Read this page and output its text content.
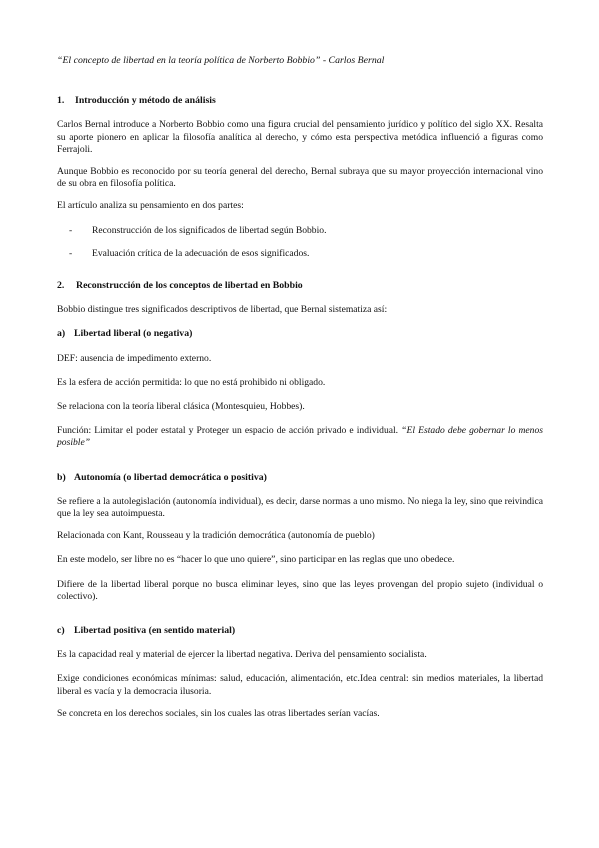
“El concepto de libertad en la teoría política de Norberto Bobbio” - Carlos Bernal
1. Introducción y método de análisis
Carlos Bernal introduce a Norberto Bobbio como una figura crucial del pensamiento jurídico y político del siglo XX. Resalta su aporte pionero en aplicar la filosofía analítica al derecho, y cómo esta perspectiva metódica influenció a figuras como Ferrajoli.
Aunque Bobbio es reconocido por su teoría general del derecho, Bernal subraya que su mayor proyección internacional vino de su obra en filosofía política.
El artículo analiza su pensamiento en dos partes:
- Reconstrucción de los significados de libertad según Bobbio.
- Evaluación crítica de la adecuación de esos significados.
2. Reconstrucción de los conceptos de libertad en Bobbio
Bobbio distingue tres significados descriptivos de libertad, que Bernal sistematiza así:
a) Libertad liberal (o negativa)
DEF: ausencia de impedimento externo.
Es la esfera de acción permitida: lo que no está prohibido ni obligado.
Se relaciona con la teoría liberal clásica (Montesquieu, Hobbes).
Función: Limitar el poder estatal y Proteger un espacio de acción privado e individual. “El Estado debe gobernar lo menos posible”
b) Autonomía (o libertad democrática o positiva)
Se refiere a la autolegislación (autonomía individual), es decir, darse normas a uno mismo. No niega la ley, sino que reivindica que la ley sea autoimpuesta.
Relacionada con Kant, Rousseau y la tradición democrática (autonomía de pueblo)
En este modelo, ser libre no es “hacer lo que uno quiere”, sino participar en las reglas que uno obedece.
Difiere de la libertad liberal porque no busca eliminar leyes, sino que las leyes provengan del propio sujeto (individual o colectivo).
c) Libertad positiva (en sentido material)
Es la capacidad real y material de ejercer la libertad negativa. Deriva del pensamiento socialista.
Exige condiciones económicas mínimas: salud, educación, alimentación, etc.Idea central: sin medios materiales, la libertad liberal es vacía y la democracia ilusoria.
Se concreta en los derechos sociales, sin los cuales las otras libertades serían vacías.
